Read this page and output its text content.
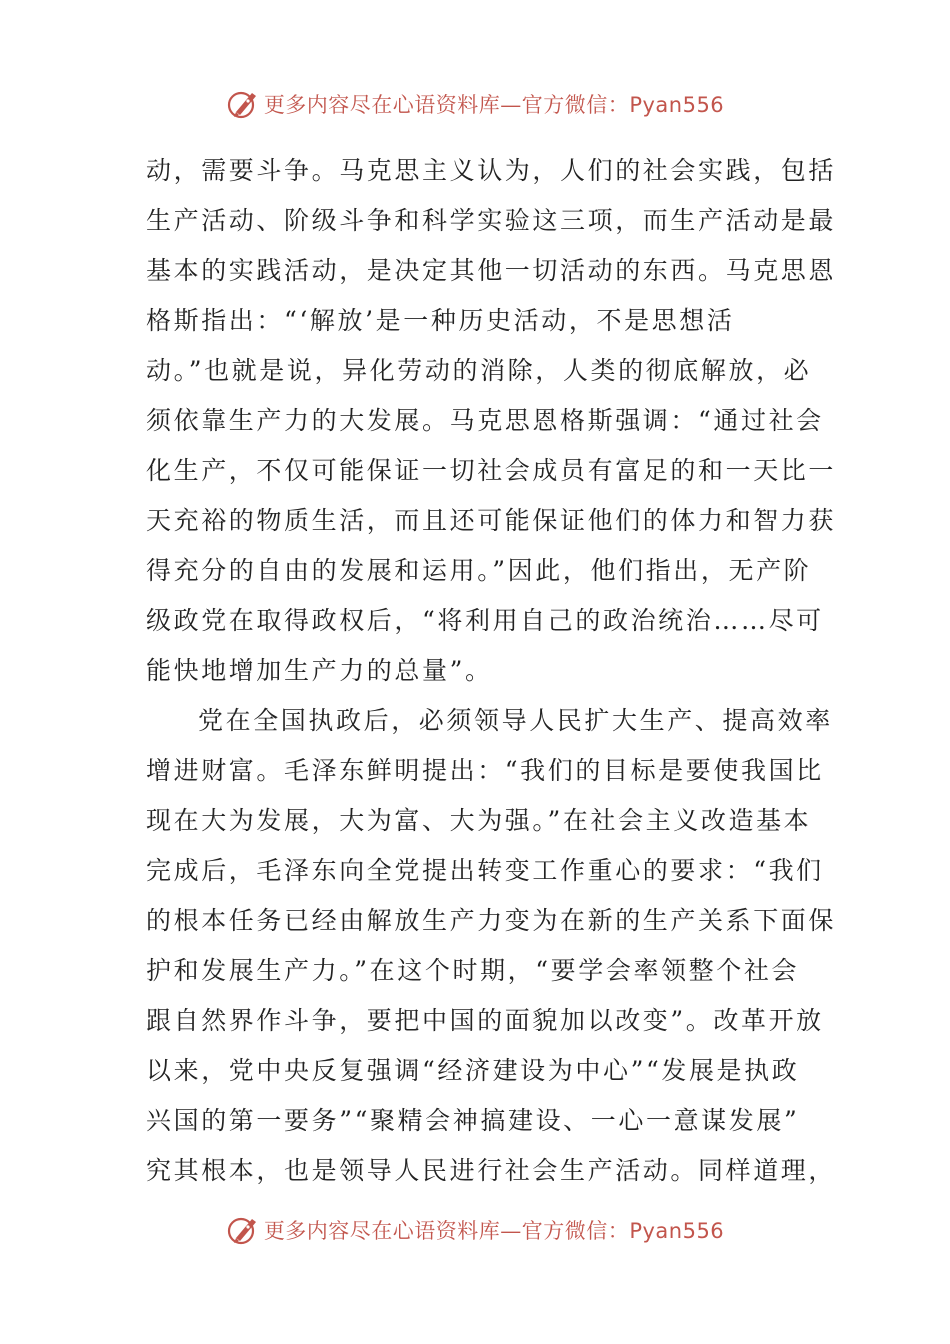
更多内容尽在心语资料库—官方微信：Pyan556
动，需要斗争。马克思主义认为，人们的社会实践，包括
生产活动、阶级斗争和科学实验这三项，而生产活动是最
基本的实践活动，是决定其他一切活动的东西。马克思恩
格斯指出：“‘解放’是一种历史活动，不是思想活
动。”也就是说，异化劳动的消除，人类的彻底解放，必
须依靠生产力的大发展。马克思恩格斯强调：“通过社会
化生产，不仅可能保证一切社会成员有富足的和一天比一
天充裕的物质生活，而且还可能保证他们的体力和智力获
得充分的自由的发展和运用。”因此，他们指出，无产阶
级政党在取得政权后，“将利用自己的政治统治……尽可
能快地增加生产力的总量”。
党在全国执政后，必须领导人民扩大生产、提高效率
增进财富。毛泽东鲜明提出：“我们的目标是要使我国比
现在大为发展，大为富、大为强。”在社会主义改造基本
完成后，毛泽东向全党提出转变工作重心的要求：“我们
的根本任务已经由解放生产力变为在新的生产关系下面保
护和发展生产力。”在这个时期，“要学会率领整个社会
跟自然界作斗争，要把中国的面貌加以改变”。改革开放
以来，党中央反复强调“经济建设为中心”“发展是执政
兴国的第一要务”“聚精会神搞建设、一心一意谋发展”
究其根本，也是领导人民进行社会生产活动。同样道理，
更多内容尽在心语资料库—官方微信：Pyan556
